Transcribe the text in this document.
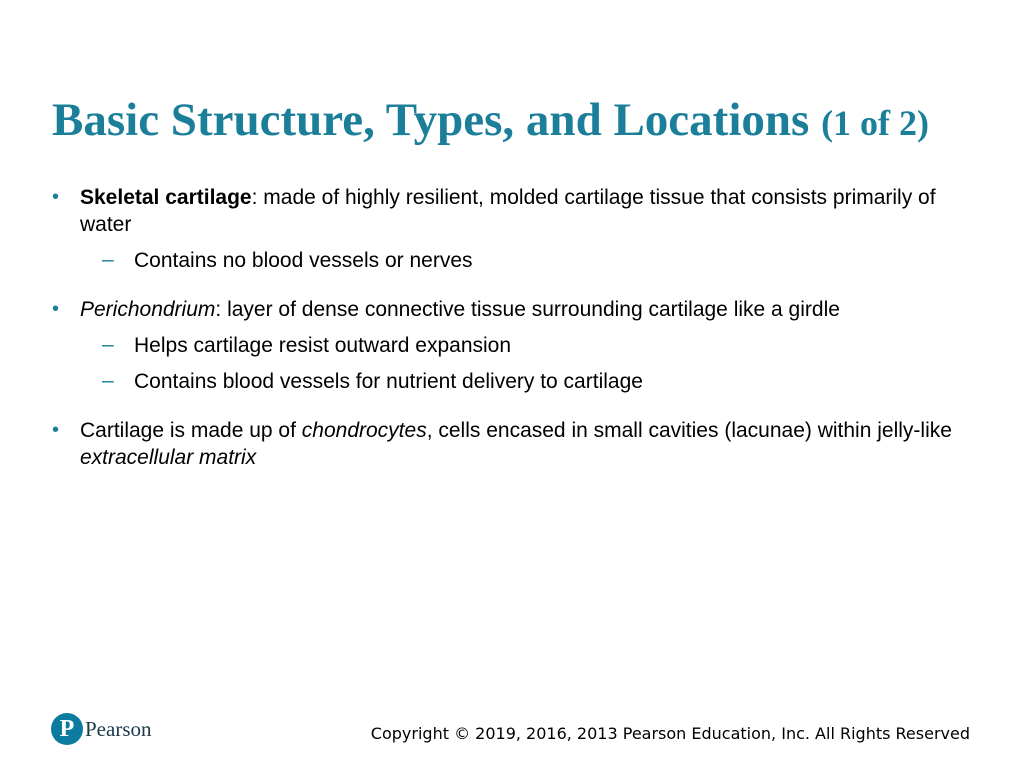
Basic Structure, Types, and Locations (1 of 2)
• Skeletal cartilage: made of highly resilient, molded cartilage tissue that consists primarily of water
– Contains no blood vessels or nerves
• Perichondrium: layer of dense connective tissue surrounding cartilage like a girdle
– Helps cartilage resist outward expansion
– Contains blood vessels for nutrient delivery to cartilage
• Cartilage is made up of chondrocytes, cells encased in small cavities (lacunae) within jelly-like extracellular matrix
P Pearson	Copyright © 2019, 2016, 2013 Pearson Education, Inc. All Rights Reserved
